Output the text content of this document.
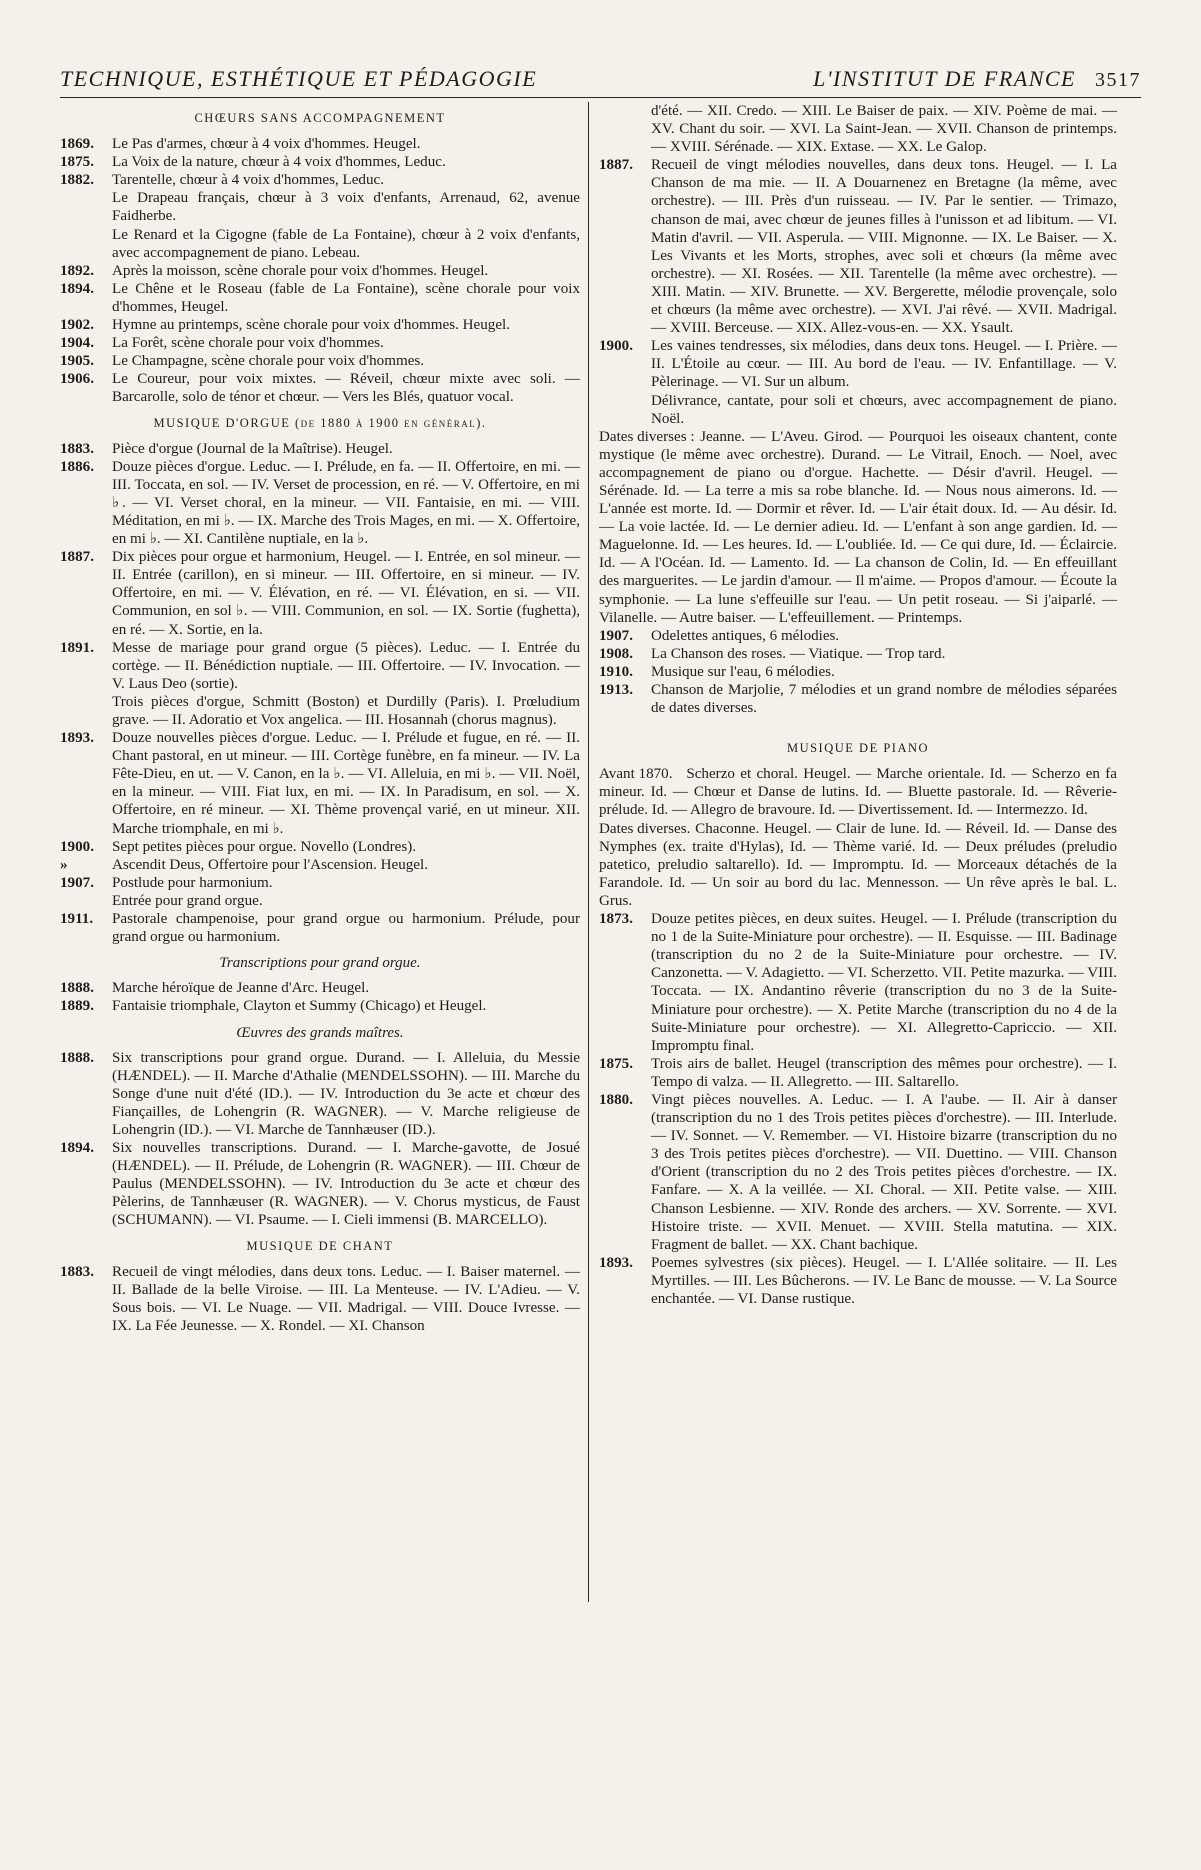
TECHNIQUE, ESTHÉTIQUE ET PÉDAGOGIE	L'INSTITUT DE FRANCE 3517
CHŒURS SANS ACCOMPAGNEMENT

1869. Le Pas d'armes, chœur à 4 voix d'hommes. Heugel.

1875. La Voix de la nature, chœur à 4 voix d'hommes, Leduc.

1882. Tarentelle, chœur à 4 voix d'hommes, Leduc.

Le Drapeau français, chœur à 3 voix d'enfants, Arrenaud, 62, avenue Faidherbe.

Le Renard et la Cigogne (fable de La Fontaine), chœur à 2 voix d'enfants, avec accompagnement de piano. Lebeau.

1892. Après la moisson, scène chorale pour voix d'hommes. Heugel.

1894. Le Chêne et le Roseau (fable de La Fontaine), scène chorale pour voix d'hommes, Heugel.

1902. Hymne au printemps, scène chorale pour voix d'hommes. Heugel.

1904. La Forêt, scène chorale pour voix d'hommes.

1905. Le Champagne, scène chorale pour voix d'hommes.

1906. Le Coureur, pour voix mixtes. — Réveil, chœur mixte avec soli. — Barcarolle, solo de ténor et chœur. — Vers les Blés, quatuor vocal.

MUSIQUE D'ORGUE (de 1880 à 1900 en général).

1883. Pièce d'orgue (Journal de la Maîtrise). Heugel.

1886. Douze pièces d'orgue. Leduc. — I. Prélude, en fa. — II. Offertoire, en mi. — III. Toccata, en sol. — IV. Verset de procession, en ré. — V. Offertoire, en mi ♭. — VI. Verset choral, en la mineur. — VII. Fantaisie, en mi. — VIII. Méditation, en mi ♭. — IX. Marche des Trois Mages, en mi. — X. Offertoire, en mi ♭. — XI. Cantilène nuptiale, en la ♭.

1887. Dix pièces pour orgue et harmonium, Heugel. — I. Entrée, en sol mineur. — II. Entrée (carillon), en si mineur. — III. Offertoire, en si mineur. — IV. Offertoire, en mi. — V. Élévation, en ré. — VI. Élévation, en si. — VII. Communion, en sol ♭. — VIII. Communion, en sol. — IX. Sortie (fughetta), en ré. — X. Sortie, en la.

1891. Messe de mariage pour grand orgue (5 pièces). Leduc. — I. Entrée du cortège. — II. Bénédiction nuptiale. — III. Offertoire. — IV. Invocation. — V. Laus Deo (sortie).

Trois pièces d'orgue, Schmitt (Boston) et Durdilly (Paris). I. Prœludium grave. — II. Adoratio et Vox angelica. — III. Hosannah (chorus magnus).

1893. Douze nouvelles pièces d'orgue. Leduc. — I. Prélude et fugue, en ré. — II. Chant pastoral, en ut mineur. — III. Cortège funèbre, en fa mineur. — IV. La Fête-Dieu, en ut. — V. Canon, en la ♭. — VI. Alleluia, en mi ♭. — VII. Noël, en la mineur. — VIII. Fiat lux, en mi. — IX. In Paradisum, en sol. — X. Offertoire, en ré mineur. — XI. Thème provençal varié, en ut mineur. XII. Marche triomphale, en mi ♭.

1900. Sept petites pièces pour orgue. Novello (Londres).

»	Ascendit Deus, Offertoire pour l'Ascension. Heugel.

1907. Postlude pour harmonium.

Entrée pour grand orgue.

1911. Pastorale champenoise, pour grand orgue ou harmonium. Prélude, pour grand orgue ou harmonium.

Transcriptions pour grand orgue.

1888. Marche héroïque de Jeanne d'Arc. Heugel.

1889. Fantaisie triomphale, Clayton et Summy (Chicago) et Heugel.

Œuvres des grands maîtres.

1888. Six transcriptions pour grand orgue. Durand. — I. Alleluia, du Messie (HÆNDEL). — II. Marche d'Athalie (MENDELSSOHN). — III. Marche du Songe d'une nuit d'été (ID.). — IV. Introduction du 3e acte et chœur des Fiançailles, de Lohengrin (R. WAGNER). — V. Marche religieuse de Lohengrin (ID.). — VI. Marche de Tannhæuser (ID.).

1894. Six nouvelles transcriptions. Durand. — I. Marche-gavotte, de Josué (HÆNDEL). — II. Prélude, de Lohengrin (R. WAGNER). — III. Chœur de Paulus (MENDELSSOHN). — IV. Introduction du 3e acte et chœur des Pèlerins, de Tannhæuser (R. WAGNER). — V. Chorus mysticus, de Faust (SCHUMANN). — VI. Psaume. — I. Cieli immensi (B. MARCELLO).

MUSIQUE DE CHANT

1883. Recueil de vingt mélodies, dans deux tons. Leduc. — I. Baiser maternel. — II. Ballade de la belle Viroise. — III. La Menteuse. — IV. L'Adieu. — V. Sous bois. — VI. Le Nuage. — VII. Madrigal. — VIII. Douce Ivresse. — IX. La Fée Jeunesse. — X. Rondel. — XI. Chanson

d'été. — XII. Credo. — XIII. Le Baiser de paix. — XIV. Poème de mai. — XV. Chant du soir. — XVI. La Saint-Jean. — XVII. Chanson de printemps. — XVIII. Sérénade. — XIX. Extase. — XX. Le Galop.

1887. Recueil de vingt mélodies nouvelles, dans deux tons. Heugel. — I. La Chanson de ma mie. — II. A Douarnenez en Bretagne (la même, avec orchestre). — III. Près d'un ruisseau. — IV. Par le sentier. — Trimazo, chanson de mai, avec chœur de jeunes filles à l'unisson et ad libitum. — VI. Matin d'avril. — VII. Asperula. — VIII. Mignonne. — IX. Le Baiser. — X. Les Vivants et les Morts, strophes, avec soli et chœurs (la même avec orchestre). — XI. Rosées. — XII. Tarentelle (la même avec orchestre). — XIII. Matin. — XIV. Brunette. — XV. Bergerette, mélodie provençale, solo et chœurs (la même avec orchestre). — XVI. J'ai rêvé. — XVII. Madrigal. — XVIII. Berceuse. — XIX. Allez-vous-en. — XX. Ysault.

1900. Les vaines tendresses, six mélodies, dans deux tons. Heugel. — I. Prière. — II. L'Étoile au cœur. — III. Au bord de l'eau. — IV. Enfantillage. — V. Pèlerinage. — VI. Sur un album.

Délivrance, cantate, pour soli et chœurs, avec accompagnement de piano. Noël.

Dates diverses : Jeanne. — L'Aveu. Girod. — Pourquoi les oiseaux chantent, conte mystique (le même avec orchestre). Durand. — Le Vitrail, Enoch. — Noel, avec accompagnement de piano ou d'orgue. Hachette. — Désir d'avril. Heugel. — Sérénade. Id. — La terre a mis sa robe blanche. Id. — Nous nous aimerons. Id. — L'année est morte. Id. — Dormir et rêver. Id. — L'air était doux. Id. — Au désir. Id. — La voie lactée. Id. — Le dernier adieu. Id. — L'enfant à son ange gardien. Id. — Maguelonne. Id. — Les heures. Id. — L'oubliée. Id. — Ce qui dure, Id. — Éclaircie. Id. — A l'Océan. Id. — Lamento. Id. — La chanson de Colin, Id. — En effeuillant des marguerites. — Le jardin d'amour. — Il m'aime. — Propos d'amour. — Écoute la symphonie. — La lune s'effeuille sur l'eau. — Un petit roseau. — Si j'aiparlé. — Vilanelle. — Autre baiser. — L'effeuillement. — Printemps.

1907. Odelettes antiques, 6 mélodies.

1908. La Chanson des roses. — Viatique. — Trop tard.

1910. Musique sur l'eau, 6 mélodies.

1913. Chanson de Marjolie, 7 mélodies et un grand nombre de mélodies séparées de dates diverses.

MUSIQUE DE PIANO

Avant 1870. Scherzo et choral. Heugel. — Marche orientale. Id. — Scherzo en fa mineur. Id. — Chœur et Danse de lutins. Id. — Bluette pastorale. Id. — Rêverie-prélude. Id. — Allegro de bravoure. Id. — Divertissement. Id. — Intermezzo. Id.

Dates diverses. Chaconne. Heugel. — Clair de lune. Id. — Réveil. Id. — Danse des Nymphes (ex. traite d'Hylas), Id. — Thème varié. Id. — Deux préludes (preludio patetico, preludio saltarello). Id. — Impromptu. Id. — Morceaux détachés de la Farandole. Id. — Un soir au bord du lac. Mennesson. — Un rêve après le bal. L. Grus.

1873. Douze petites pièces, en deux suites. Heugel. — I. Prélude (transcription du no 1 de la Suite-Miniature pour orchestre). — II. Esquisse. — III. Badinage (transcription du no 2 de la Suite-Miniature pour orchestre. — IV. Canzonetta. — V. Adagietto. — VI. Scherzetto. VII. Petite mazurka. — VIII. Toccata. — IX. Andantino rêverie (transcription du no 3 de la Suite-Miniature pour orchestre). — X. Petite Marche (transcription du no 4 de la Suite-Miniature pour orchestre). — XI. Allegretto-Capriccio. — XII. Impromptu final.

1875. Trois airs de ballet. Heugel (transcription des mêmes pour orchestre). — I. Tempo di valza. — II. Allegretto. — III. Saltarello.

1880. Vingt pièces nouvelles. A. Leduc. — I. A l'aube. — II. Air à danser (transcription du no 1 des Trois petites pièces d'orchestre). — III. Interlude. — IV. Sonnet. — V. Remember. — VI. Histoire bizarre (transcription du no 3 des Trois petites pièces d'orchestre). — VII. Duettino. — VIII. Chanson d'Orient (transcription du no 2 des Trois petites pièces d'orchestre. — IX. Fanfare. — X. A la veillée. — XI. Choral. — XII. Petite valse. — XIII. Chanson Lesbienne. — XIV. Ronde des archers. — XV. Sorrente. — XVI. Histoire triste. — XVII. Menuet. — XVIII. Stella matutina. — XIX. Fragment de ballet. — XX. Chant bachique.

1893. Poemes sylvestres (six pièces). Heugel. — I. L'Allée solitaire. — II. Les Myrtilles. — III. Les Bûcherons. — IV. Le Banc de mousse. — V. La Source enchantée. — VI. Danse rustique.
